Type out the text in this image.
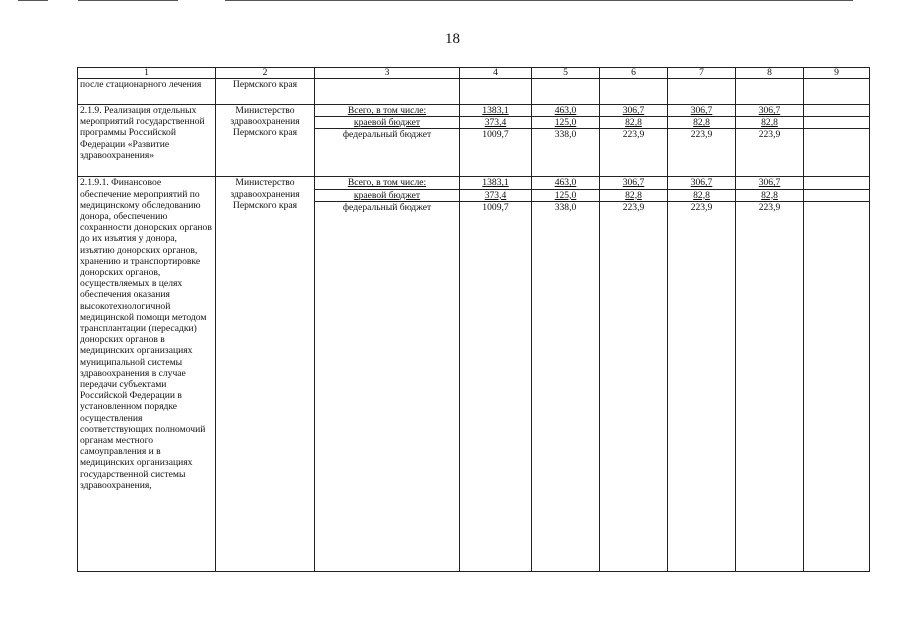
18
1	2	3	4	5	6	7	8	9
после стационарного лечения	Пермского края							
2.1.9. Реализация отдельных мероприятий государственной программы Российской Федерации «Развитие здравоохранения»	Министерство здравоохранения Пермского края	Всего, в том числе:	1383,1	463,0	306,7	306,7	306,7	
		краевой бюджет	373,4	125,0	82,8	82,8	82,8	
		федеральный бюджет	1009,7	338,0	223,9	223,9	223,9	
2.1.9.1. Финансовое обеспечение мероприятий по медицинскому обследованию донора, обеспечению сохранности донорских органов до их изъятия у донора, изъятию донорских органов, хранению и транспортировке донорских органов, осуществляемых в целях обеспечения оказания высокотехнологичной медицинской помощи методом трансплантации (пересадки) донорских органов в медицинских организациях муниципальной системы здравоохранения в случае передачи субъектами Российской Федерации в установленном порядке осуществления соответствующих полномочий органам местного самоуправления и в медицинских организациях государственной системы здравоохранения,	Министерство здравоохранения Пермского края	Всего, в том числе:	1383,1	463,0	306,7	306,7	306,7	
		краевой бюджет	373,4	125,0	82,8	82,8	82,8	
		федеральный бюджет	1009,7	338,0	223,9	223,9	223,9	
